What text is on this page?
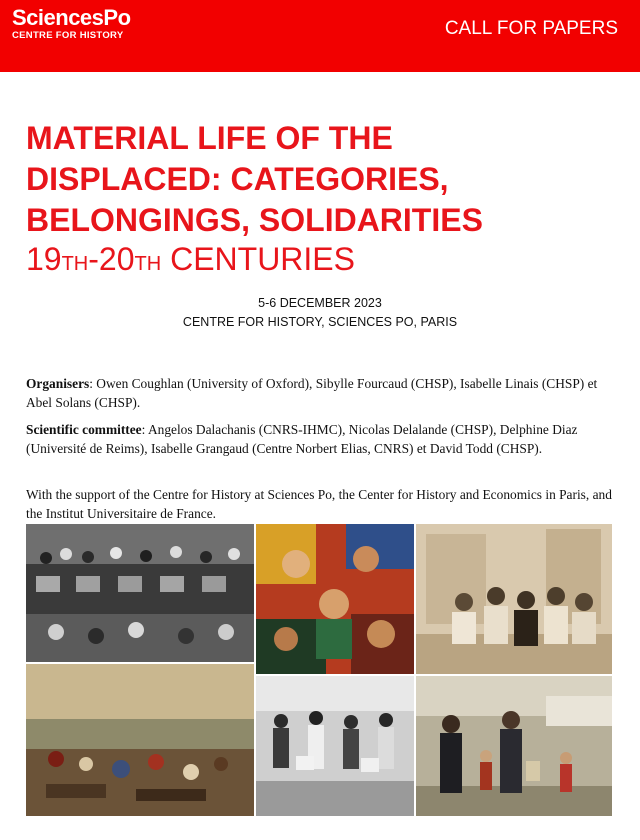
SciencesPo
CENTRE FOR HISTORY	CALL FOR PAPERS
MATERIAL LIFE OF THE
DISPLACED: CATEGORIES,
BELONGINGS, SOLIDARITIES
19TH-20TH CENTURIES
5-6 DECEMBER 2023
CENTRE FOR HISTORY, SCIENCES PO, PARIS
Organisers: Owen Coughlan (University of Oxford), Sibylle Fourcaud (CHSP), Isabelle Linais (CHSP) et Abel Solans (CHSP).
Scientific committee: Angelos Dalachanis (CNRS-IHMC), Nicolas Delalande (CHSP), Delphine Diaz (Université de Reims), Isabelle Grangaud (Centre Norbert Elias, CNRS) et David Todd (CHSP).
With the support of the Centre for History at Sciences Po, the Center for History and Economics in Paris, and the Institut Universitaire de France.
